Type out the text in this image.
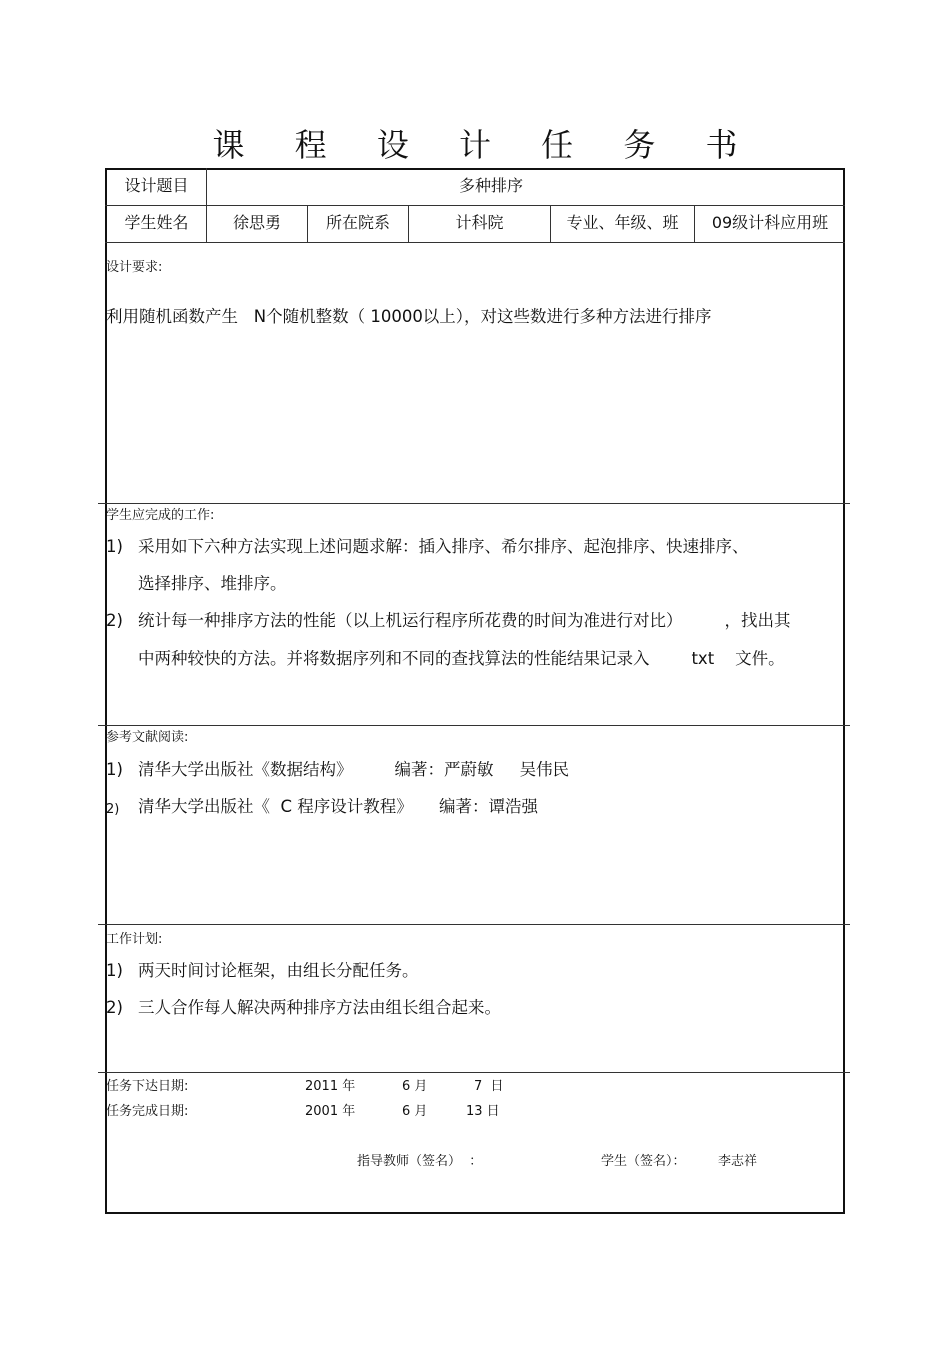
课 程 设 计 任 务 书
设计题目	多种排序
学生姓名	徐思勇	所在院系	计科院	专业、年级、班	09级计科应用班
设计要求:
利用随机函数产生   N个随机整数（ 10000以上），对这些数进行多种方法进行排序
学生应完成的工作:
1) 采用如下六种方法实现上述问题求解：插入排序、希尔排序、起泡排序、快速排序、
选择排序、堆排序。
2) 统计每一种排序方法的性能（以上机运行程序所花费的时间为准进行对比）        ，找出其
中两种较快的方法。并将数据序列和不同的查找算法的性能结果记录入        txt    文件。
参考文献阅读:
1) 清华大学出版社《数据结构》        编著：严蔚敏     吴伟民
2) 清华大学出版社《  C 程序设计教程》     编著：谭浩强
工作计划:
1) 两天时间讨论框架，由组长分配任务。
2) 三人合作每人解决两种排序方法由组长组合起来。
任务下达日期:	2011 年	6 月	7  日
任务完成日期:	2001 年	6 月	13 日
指导教师（签名）  ：	学生（签名）： 李志祥
